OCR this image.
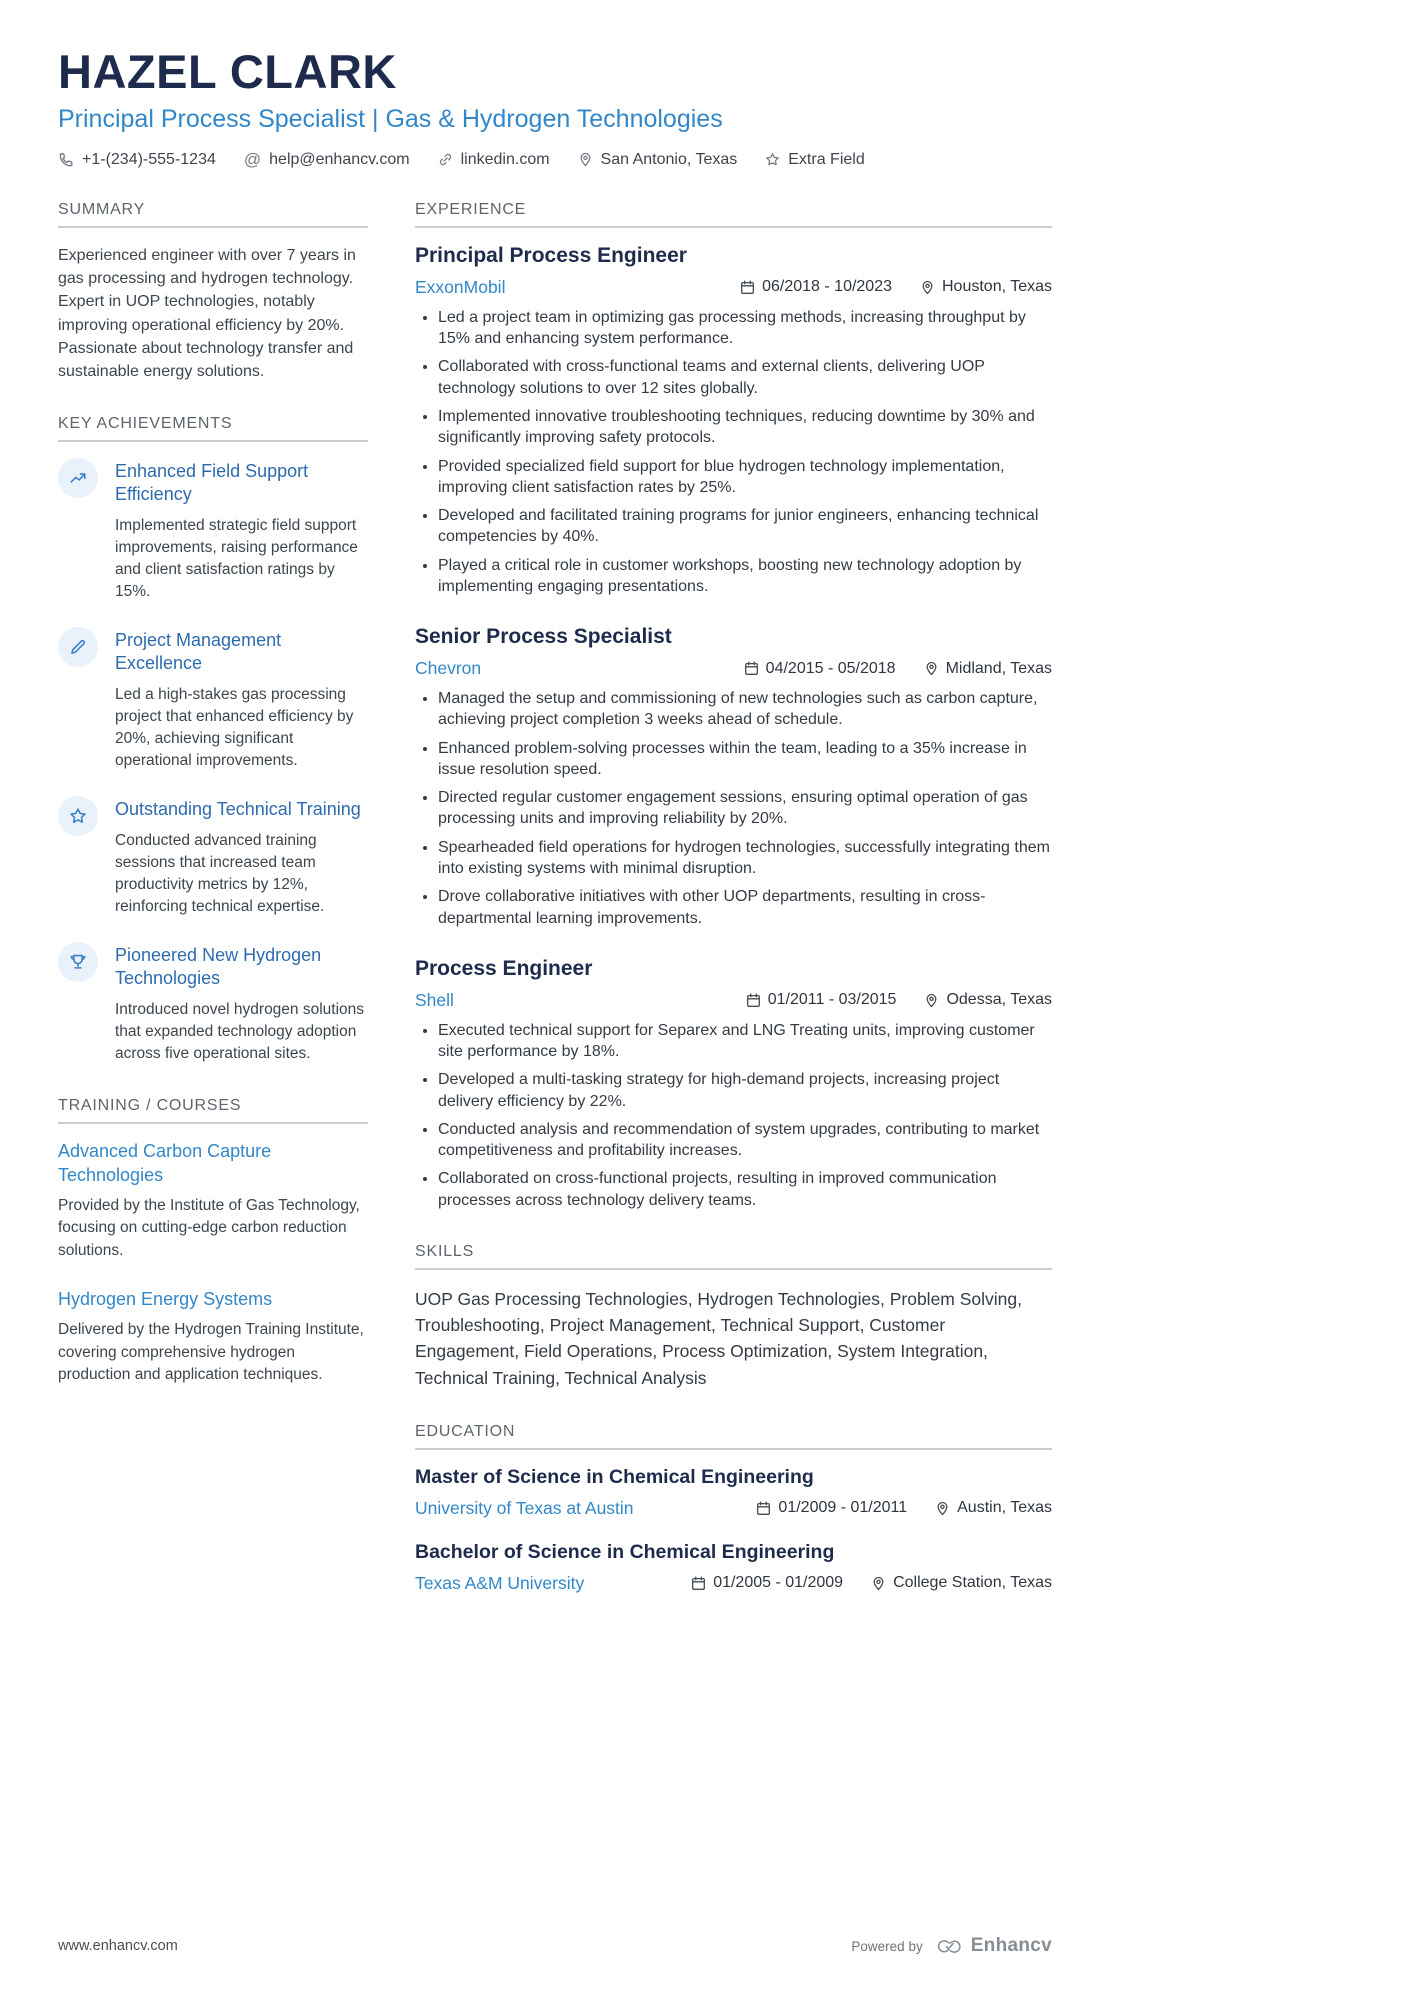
HAZEL CLARK
Principal Process Specialist | Gas & Hydrogen Technologies
+1-(234)-555-1234 @ help@enhancv.com	linkedin.com	San Antonio, Texas	Extra Field
SUMMARY

Experienced engineer with over 7 years in gas processing and hydrogen technology. Expert in UOP technologies, notably improving operational efficiency by 20%. Passionate about technology transfer and sustainable energy solutions.

KEY ACHIEVEMENTS
Enhanced Field Support Efficiency
Implemented strategic field support improvements, raising performance and client satisfaction ratings by 15%.
Project Management Excellence
Led a high-stakes gas processing project that enhanced efficiency by 20%, achieving significant operational improvements.
Outstanding Technical Training
Conducted advanced training sessions that increased team productivity metrics by 12%, reinforcing technical expertise.
Pioneered New Hydrogen Technologies
Introduced novel hydrogen solutions that expanded technology adoption across five operational sites.
TRAINING / COURSES
Advanced Carbon Capture Technologies
Provided by the Institute of Gas Technology, focusing on cutting-edge carbon reduction solutions.
Hydrogen Energy Systems
Delivered by the Hydrogen Training Institute, covering comprehensive hydrogen production and application techniques.
EXPERIENCE
Principal Process Engineer
ExxonMobil	06/2018 - 10/2023	Houston, Texas
• Led a project team in optimizing gas processing methods, increasing throughput by 15% and enhancing system performance.
• Collaborated with cross-functional teams and external clients, delivering UOP technology solutions to over 12 sites globally.
• Implemented innovative troubleshooting techniques, reducing downtime by 30% and significantly improving safety protocols.
• Provided specialized field support for blue hydrogen technology implementation, improving client satisfaction rates by 25%.
• Developed and facilitated training programs for junior engineers, enhancing technical competencies by 40%.
• Played a critical role in customer workshops, boosting new technology adoption by implementing engaging presentations.
Senior Process Specialist
Chevron	04/2015 - 05/2018	Midland, Texas
• Managed the setup and commissioning of new technologies such as carbon capture, achieving project completion 3 weeks ahead of schedule.
• Enhanced problem-solving processes within the team, leading to a 35% increase in issue resolution speed.
• Directed regular customer engagement sessions, ensuring optimal operation of gas processing units and improving reliability by 20%.
• Spearheaded field operations for hydrogen technologies, successfully integrating them into existing systems with minimal disruption.
• Drove collaborative initiatives with other UOP departments, resulting in cross-departmental learning improvements.
Process Engineer
Shell	01/2011 - 03/2015	Odessa, Texas
• Executed technical support for Separex and LNG Treating units, improving customer site performance by 18%.
• Developed a multi-tasking strategy for high-demand projects, increasing project delivery efficiency by 22%.
• Conducted analysis and recommendation of system upgrades, contributing to market competitiveness and profitability increases.
• Collaborated on cross-functional projects, resulting in improved communication processes across technology delivery teams.
SKILLS

UOP Gas Processing Technologies, Hydrogen Technologies, Problem Solving, Troubleshooting, Project Management, Technical Support, Customer Engagement, Field Operations, Process Optimization, System Integration, Technical Training, Technical Analysis

EDUCATION
Master of Science in Chemical Engineering
University of Texas at Austin	01/2009 - 01/2011	Austin, Texas
Bachelor of Science in Chemical Engineering
Texas A&M University	01/2005 - 01/2009	College Station, Texas
www.enhancv.com	Powered by	Enhancv
